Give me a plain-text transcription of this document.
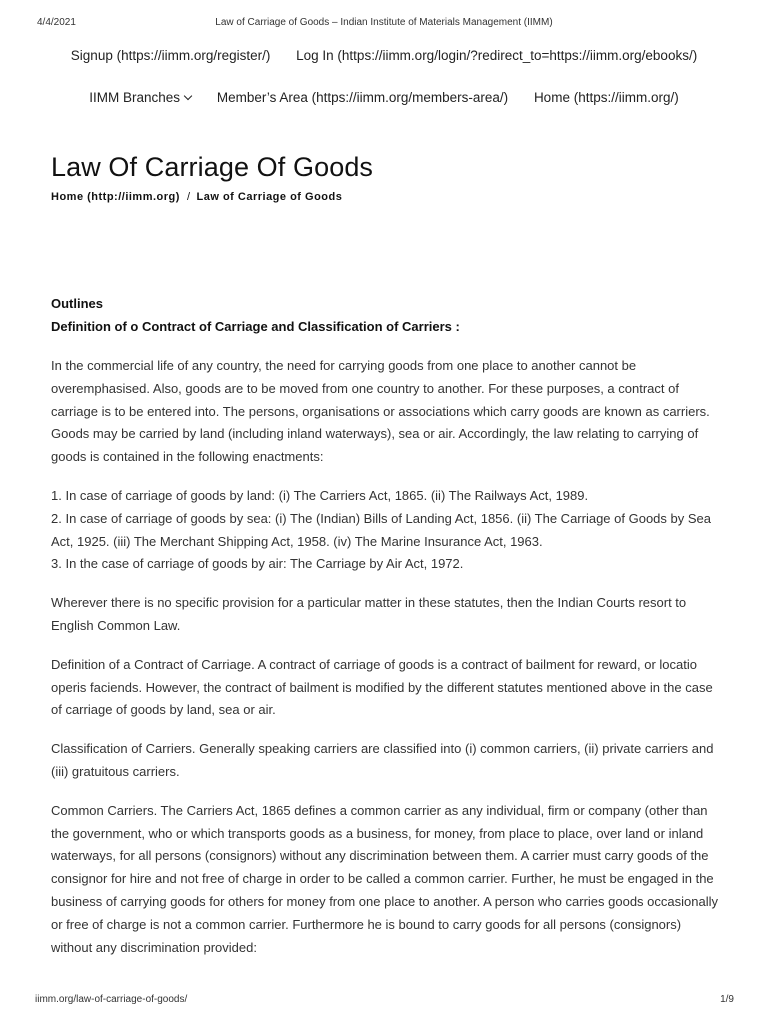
4/4/2021	Law of Carriage of Goods – Indian Institute of Materials Management (IIMM)
Signup (https://iimm.org/register/) Log In (https://iimm.org/login/?redirect_to=https://iimm.org/ebooks/)
IIMM Branches	Member’s Area (https://iimm.org/members-area/) Home (https://iimm.org/)
Law Of Carriage Of Goods
Home (http://iimm.org) / Law of Carriage of Goods
Outlines
Definition of o Contract of Carriage and Classification of Carriers :

In the commercial life of any country, the need for carrying goods from one place to another cannot be overemphasised. Also, goods are to be moved from one country to another. For these purposes, a contract of carriage is to be entered into. The persons, organisations or associations which carry goods are known as carriers. Goods may be carried by land (including inland waterways), sea or air. Accordingly, the law relating to carrying of goods is contained in the following enactments:

1. In case of carriage of goods by land: (i) The Carriers Act, 1865. (ii) The Railways Act, 1989.
2. In case of carriage of goods by sea: (i) The (Indian) Bills of Landing Act, 1856. (ii) The Carriage of Goods by Sea Act, 1925. (iii) The Merchant Shipping Act, 1958. (iv) The Marine Insurance Act, 1963.
3. In the case of carriage of goods by air: The Carriage by Air Act, 1972.

Wherever there is no specific provision for a particular matter in these statutes, then the Indian Courts resort to English Common Law.

Definition of a Contract of Carriage. A contract of carriage of goods is a contract of bailment for reward, or locatio operis faciends. However, the contract of bailment is modified by the different statutes mentioned above in the case of carriage of goods by land, sea or air.

Classification of Carriers. Generally speaking carriers are classified into (i) common carriers, (ii) private carriers and (iii) gratuitous carriers.

Common Carriers. The Carriers Act, 1865 defines a common carrier as any individual, firm or company (other than the government, who or which transports goods as a business, for money, from place to place, over land or inland waterways, for all persons (consignors) without any discrimination between them. A carrier must carry goods of the consignor for hire and not free of charge in order to be called a common carrier. Further, he must be engaged in the business of carrying goods for others for money from one place to another. A person who carries goods occasionally or free of charge is not a common carrier. Furthermore he is bound to carry goods for all persons (consignors) without any discrimination provided:

iimm.org/law-of-carriage-of-goods/	1/9
